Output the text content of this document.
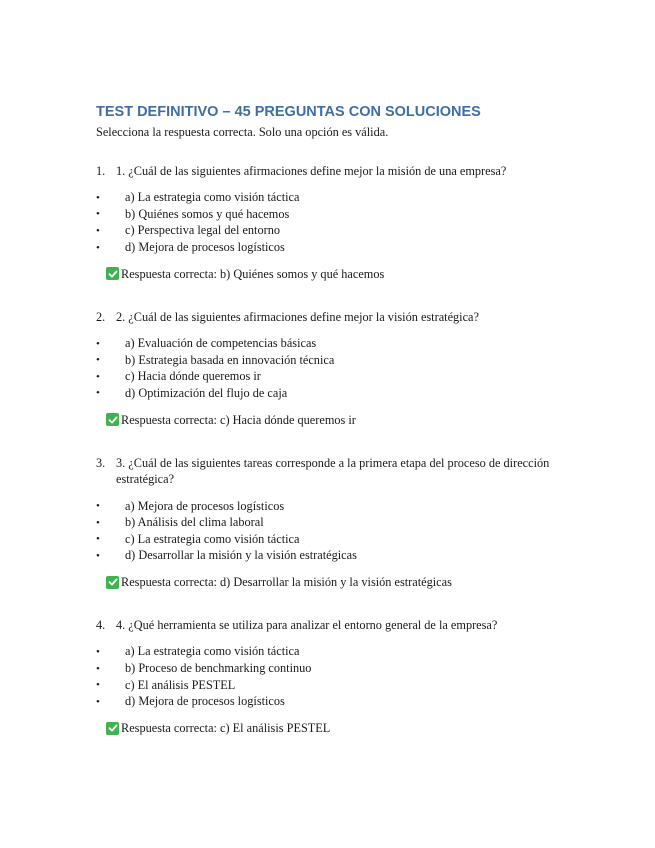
TEST DEFINITIVO – 45 PREGUNTAS CON SOLUCIONES

Selecciona la respuesta correcta. Solo una opción es válida.

1. 1. ¿Cuál de las siguientes afirmaciones define mejor la misión de una empresa?
•	a) La estrategia como visión táctica
•	b) Quiénes somos y qué hacemos
•	c) Perspectiva legal del entorno
•	d) Mejora de procesos logísticos
Respuesta correcta: b) Quiénes somos y qué hacemos
2. 2. ¿Cuál de las siguientes afirmaciones define mejor la visión estratégica?
•	a) Evaluación de competencias básicas
•	b) Estrategia basada en innovación técnica
•	c) Hacia dónde queremos ir
•	d) Optimización del flujo de caja
Respuesta correcta: c) Hacia dónde queremos ir
3. 3. ¿Cuál de las siguientes tareas corresponde a la primera etapa del proceso de dirección estratégica?
•	a) Mejora de procesos logísticos
•	b) Análisis del clima laboral
•	c) La estrategia como visión táctica
•	d) Desarrollar la misión y la visión estratégicas
Respuesta correcta: d) Desarrollar la misión y la visión estratégicas
4. 4. ¿Qué herramienta se utiliza para analizar el entorno general de la empresa?
•	a) La estrategia como visión táctica
•	b) Proceso de benchmarking continuo
•	c) El análisis PESTEL
•	d) Mejora de procesos logísticos
Respuesta correcta: c) El análisis PESTEL
